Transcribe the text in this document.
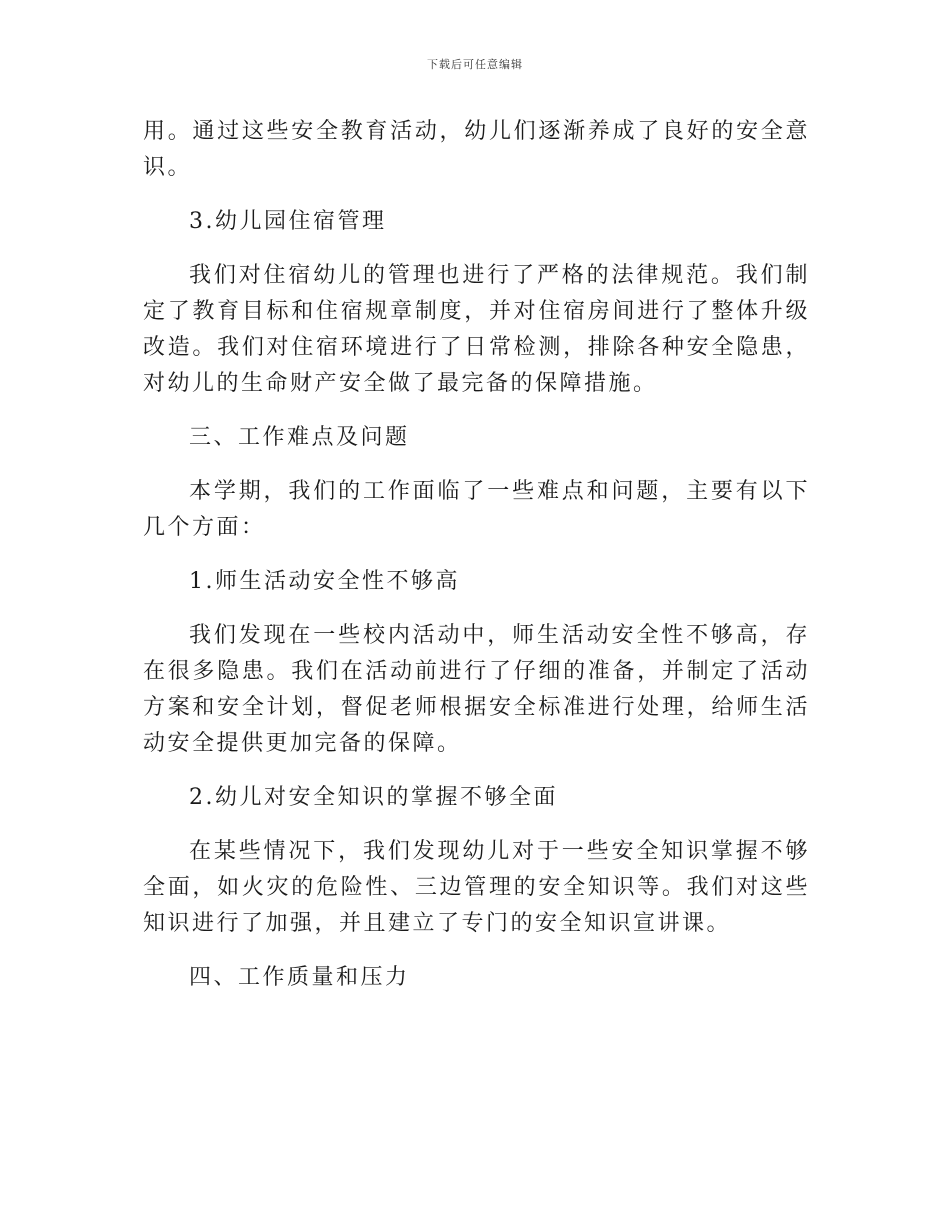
下载后可任意编辑

用。通过这些安全教育活动，幼儿们逐渐养成了良好的安全意识。

3.幼儿园住宿管理

我们对住宿幼儿的管理也进行了严格的法律规范。我们制定了教育目标和住宿规章制度，并对住宿房间进行了整体升级改造。我们对住宿环境进行了日常检测，排除各种安全隐患，对幼儿的生命财产安全做了最完备的保障措施。

三、工作难点及问题

本学期，我们的工作面临了一些难点和问题，主要有以下几个方面：

1.师生活动安全性不够高

我们发现在一些校内活动中，师生活动安全性不够高，存在很多隐患。我们在活动前进行了仔细的准备，并制定了活动方案和安全计划，督促老师根据安全标准进行处理，给师生活动安全提供更加完备的保障。

2.幼儿对安全知识的掌握不够全面

在某些情况下，我们发现幼儿对于一些安全知识掌握不够全面，如火灾的危险性、三边管理的安全知识等。我们对这些知识进行了加强，并且建立了专门的安全知识宣讲课。

四、工作质量和压力
